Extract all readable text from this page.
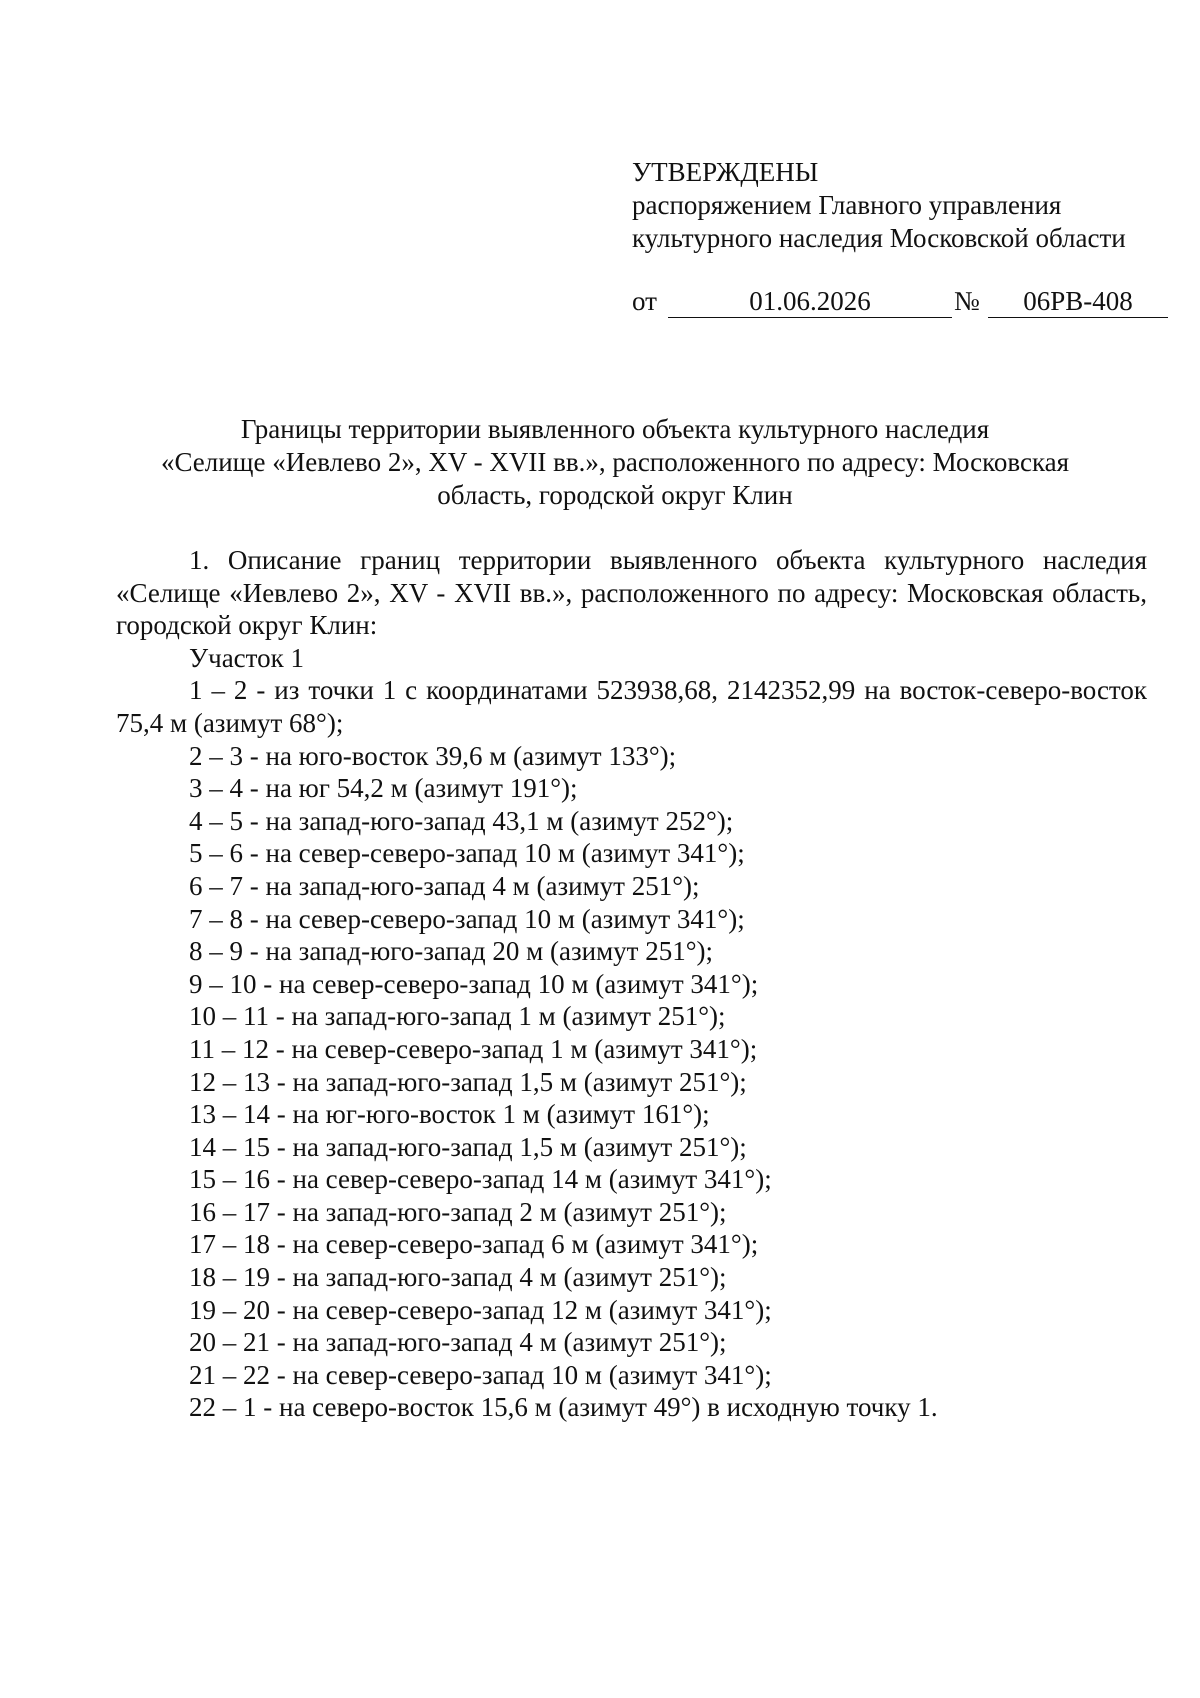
УТВЕРЖДЕНЫ
распоряжением Главного управления
культурного наследия Московской области
от	01.06.2026	№	06РВ-408
Границы территории выявленного объекта культурного наследия
«Селище «Иевлево 2», XV - XVII вв.», расположенного по адресу: Московская
область, городской округ Клин

1. Описание границ территории выявленного объекта культурного наследия «Селище «Иевлево 2», XV - XVII вв.», расположенного по адресу: Московская область, городской округ Клин:

Участок 1

1 – 2 - из точки 1 с координатами 523938,68, 2142352,99 на восток-северо-восток 75,4 м (азимут 68°);

2 – 3 - на юго-восток 39,6 м (азимут 133°);

3 – 4 - на юг 54,2 м (азимут 191°);

4 – 5 - на запад-юго-запад 43,1 м (азимут 252°);

5 – 6 - на север-северо-запад 10 м (азимут 341°);

6 – 7 - на запад-юго-запад 4 м (азимут 251°);

7 – 8 - на север-северо-запад 10 м (азимут 341°);

8 – 9 - на запад-юго-запад 20 м (азимут 251°);

9 – 10 - на север-северо-запад 10 м (азимут 341°);

10 – 11 - на запад-юго-запад 1 м (азимут 251°);

11 – 12 - на север-северо-запад 1 м (азимут 341°);

12 – 13 - на запад-юго-запад 1,5 м (азимут 251°);

13 – 14 - на юг-юго-восток 1 м (азимут 161°);

14 – 15 - на запад-юго-запад 1,5 м (азимут 251°);

15 – 16 - на север-северо-запад 14 м (азимут 341°);

16 – 17 - на запад-юго-запад 2 м (азимут 251°);

17 – 18 - на север-северо-запад 6 м (азимут 341°);

18 – 19 - на запад-юго-запад 4 м (азимут 251°);

19 – 20 - на север-северо-запад 12 м (азимут 341°);

20 – 21 - на запад-юго-запад 4 м (азимут 251°);

21 – 22 - на север-северо-запад 10 м (азимут 341°);

22 – 1 - на северо-восток 15,6 м (азимут 49°) в исходную точку 1.
